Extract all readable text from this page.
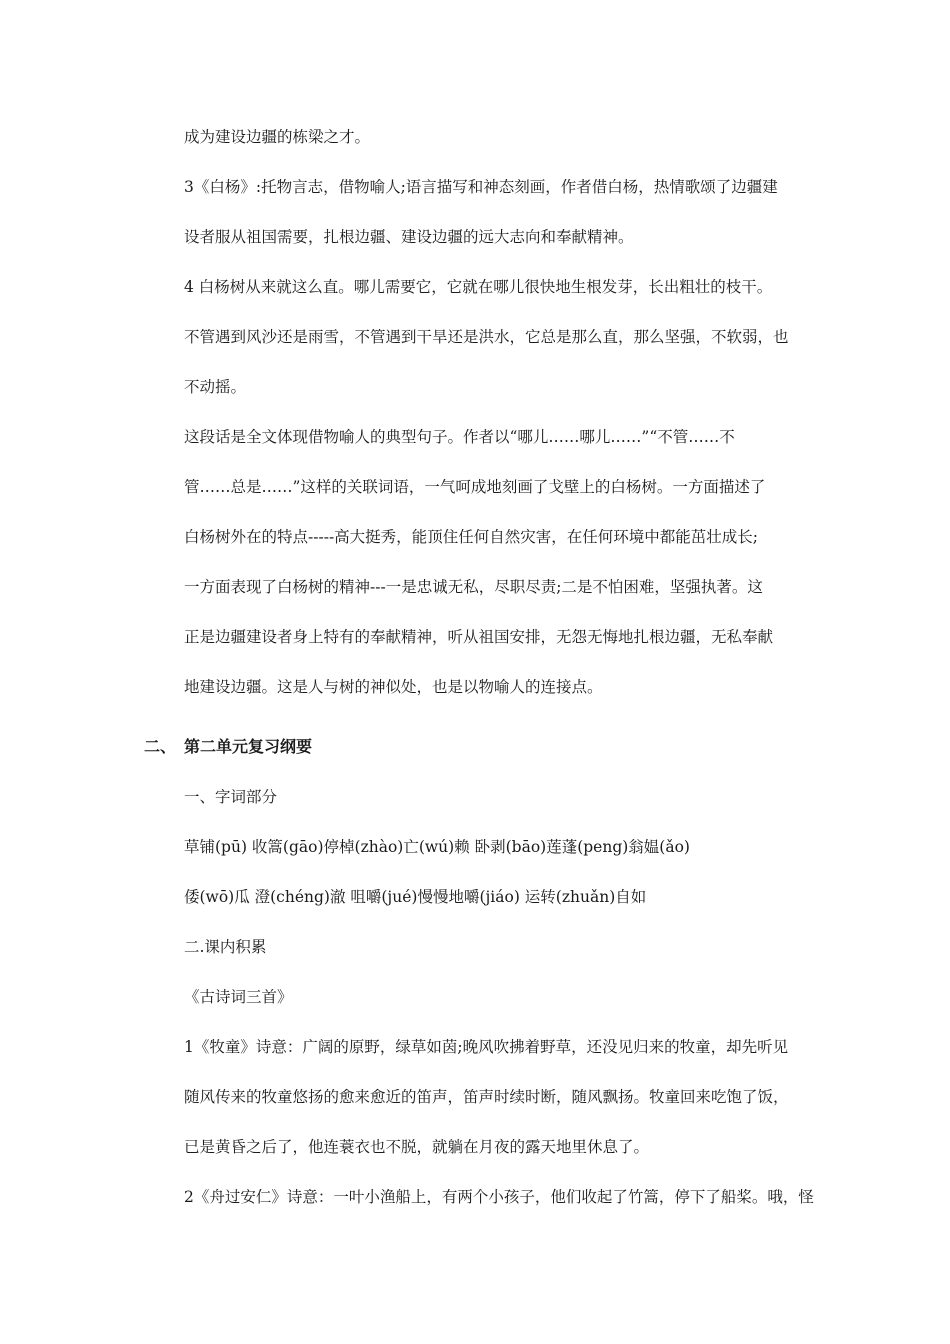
成为建设边疆的栋梁之才。
3《白杨》:托物言志，借物喻人;语言描写和神态刻画，作者借白杨，热情歌颂了边疆建
设者服从祖国需要，扎根边疆、建设边疆的远大志向和奉献精神。
4 白杨树从来就这么直。哪儿需要它，它就在哪儿很快地生根发芽，长出粗壮的枝干。
不管遇到风沙还是雨雪，不管遇到干旱还是洪水，它总是那么直，那么坚强，不软弱，也
不动摇。
这段话是全文体现借物喻人的典型句子。作者以“哪儿……哪儿……”“不管……不
管……总是……”这样的关联词语，一气呵成地刻画了戈壁上的白杨树。一方面描述了
白杨树外在的特点-----高大挺秀，能顶住任何自然灾害，在任何环境中都能茁壮成长;
一方面表现了白杨树的精神---一是忠诚无私，尽职尽责;二是不怕困难，坚强执著。这
正是边疆建设者身上特有的奉献精神，听从祖国安排，无怨无悔地扎根边疆，无私奉献
地建设边疆。这是人与树的神似处，也是以物喻人的连接点。
二、 第二单元复习纲要
一、字词部分
草铺(pū) 收篙(gāo)停棹(zhào)亡(wú)赖 卧剥(bāo)莲蓬(peng)翁媪(ǎo)
倭(wō)瓜 澄(chéng)澈 咀嚼(jué)慢慢地嚼(jiáo) 运转(zhuǎn)自如
二.课内积累
《古诗词三首》
1《牧童》诗意：广阔的原野，绿草如茵;晚风吹拂着野草，还没见归来的牧童，却先听见
随风传来的牧童悠扬的愈来愈近的笛声，笛声时续时断，随风飘扬。牧童回来吃饱了饭，
已是黄昏之后了，他连蓑衣也不脱，就躺在月夜的露天地里休息了。
2《舟过安仁》诗意：一叶小渔船上，有两个小孩子，他们收起了竹篙，停下了船桨。哦，怪
